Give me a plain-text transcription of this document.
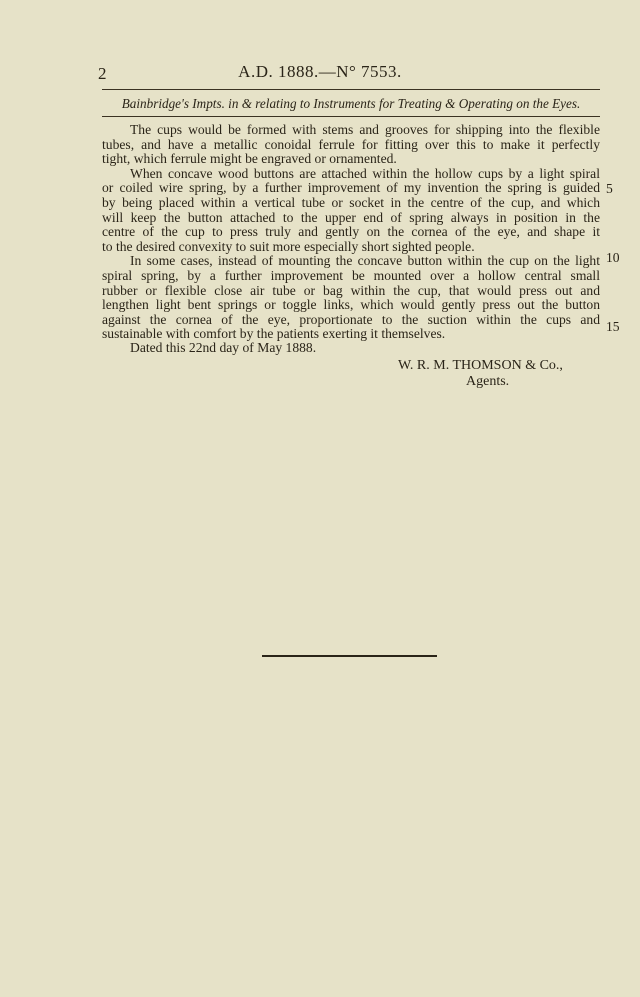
2	A.D. 1888.—N° 7553.
Bainbridge's Impts. in & relating to Instruments for Treating & Operating on the Eyes.
The cups would be formed with stems and grooves for shipping into the flexible
tubes, and have a metallic conoidal ferrule for fitting over this to make it perfectly
tight, which ferrule might be engraved or ornamented.
When concave wood buttons are attached within the hollow cups by a light spiral
or coiled wire spring, by a further improvement of my invention the spring is guided
by being placed within a vertical tube or socket in the centre of the cup, and which
will keep the button attached to the upper end of spring always in position in the
centre of the cup to press truly and gently on the cornea of the eye, and shape it
to the desired convexity to suit more especially short sighted people.
In some cases, instead of mounting the concave button within the cup on the light
spiral spring, by a further improvement be mounted over a hollow central small
rubber or flexible close air tube or bag within the cup, that would press out and
lengthen light bent springs or toggle links, which would gently press out the button
against the cornea of the eye, proportionate to the suction within the cups and
sustainable with comfort by the patients exerting it themselves.
5
10
15
Dated this 22nd day of May 1888.
W. R. M. THOMSON & Co.,
Agents.
